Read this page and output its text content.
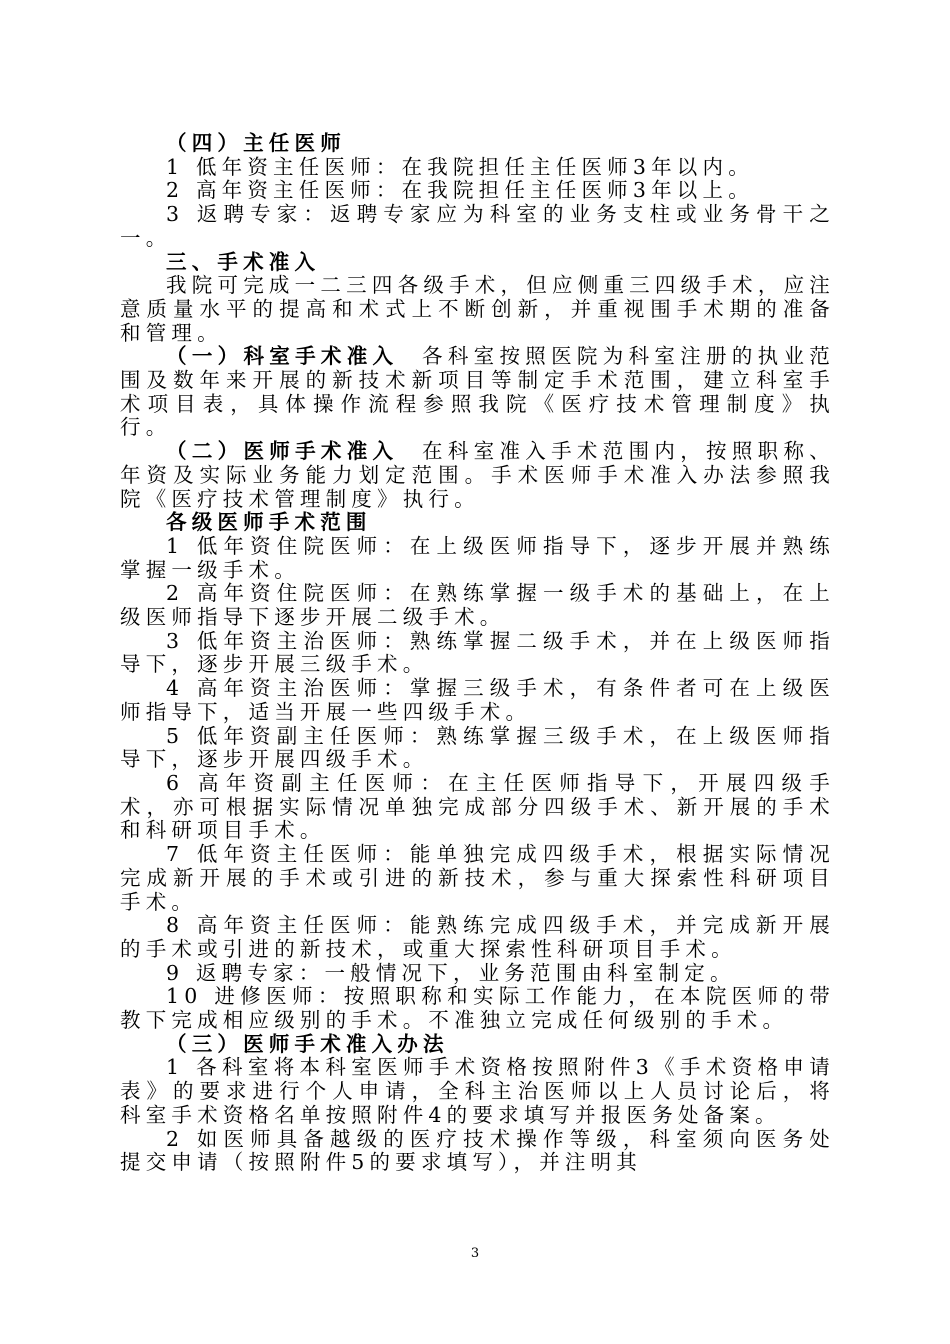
（四）主任医师

1 低年资主任医师：在我院担任主任医师3年以内。

2 高年资主任医师：在我院担任主任医师3年以上。

3 返聘专家：返聘专家应为科室的业务支柱或业务骨干之一。

三、手术准入

我院可完成一二三四各级手术，但应侧重三四级手术，应注意质量水平的提高和术式上不断创新，并重视围手术期的准备和管理。

（一）科室手术准入 各科室按照医院为科室注册的执业范围及数年来开展的新技术新项目等制定手术范围，建立科室手术项目表，具体操作流程参照我院《医疗技术管理制度》执行。

（二）医师手术准入 在科室准入手术范围内，按照职称、年资及实际业务能力划定范围。手术医师手术准入办法参照我院《医疗技术管理制度》执行。

各级医师手术范围

1 低年资住院医师：在上级医师指导下，逐步开展并熟练掌握一级手术。

2 高年资住院医师：在熟练掌握一级手术的基础上，在上级医师指导下逐步开展二级手术。

3 低年资主治医师：熟练掌握二级手术，并在上级医师指导下，逐步开展三级手术。

4 高年资主治医师：掌握三级手术，有条件者可在上级医师指导下，适当开展一些四级手术。

5 低年资副主任医师：熟练掌握三级手术，在上级医师指导下，逐步开展四级手术。

6 高年资副主任医师：在主任医师指导下，开展四级手术，亦可根据实际情况单独完成部分四级手术、新开展的手术和科研项目手术。

7 低年资主任医师：能单独完成四级手术，根据实际情况完成新开展的手术或引进的新技术，参与重大探索性科研项目手术。

8 高年资主任医师：能熟练完成四级手术，并完成新开展的手术或引进的新技术，或重大探索性科研项目手术。

9 返聘专家：一般情况下，业务范围由科室制定。

10 进修医师：按照职称和实际工作能力，在本院医师的带教下完成相应级别的手术。不准独立完成任何级别的手术。

（三）医师手术准入办法

1 各科室将本科室医师手术资格按照附件3《手术资格申请表》的要求进行个人申请，全科主治医师以上人员讨论后，将科室手术资格名单按照附件4的要求填写并报医务处备案。

2 如医师具备越级的医疗技术操作等级，科室须向医务处提交申请（按照附件5的要求填写），并注明其

3
